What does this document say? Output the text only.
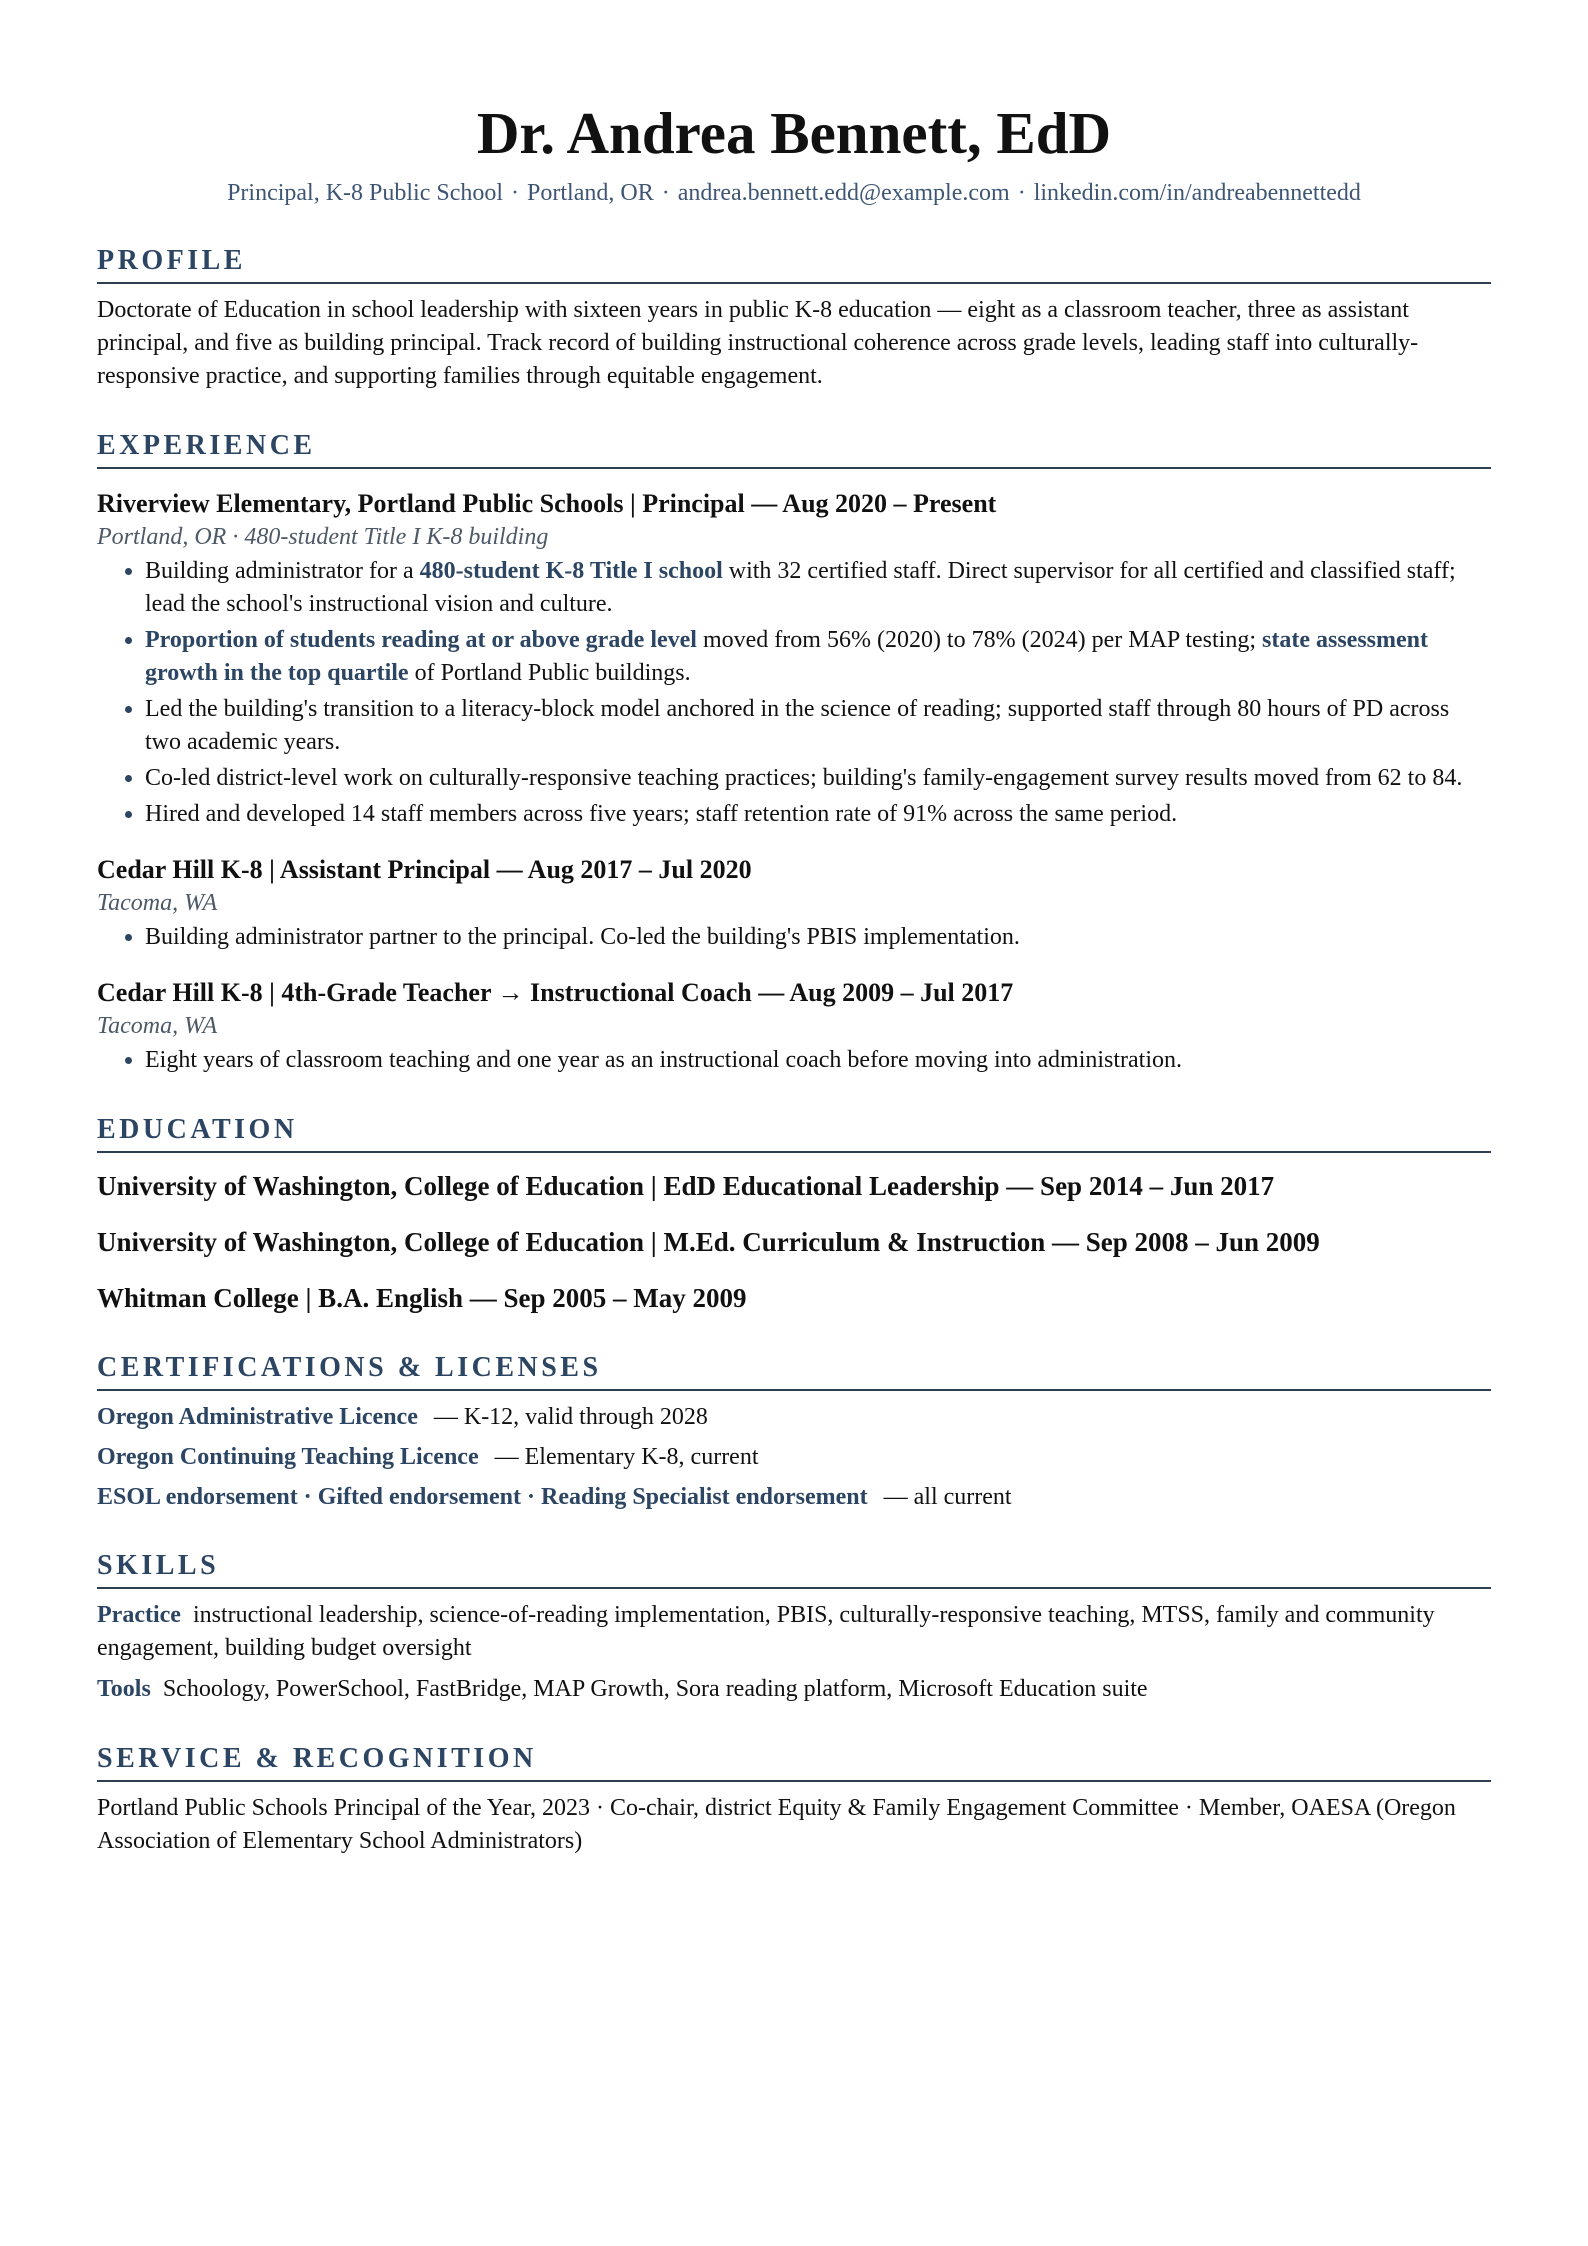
Dr. Andrea Bennett, EdD
Principal, K-8 Public School · Portland, OR · andrea.bennett.edd@example.com · linkedin.com/in/andreabennettedd
PROFILE

Doctorate of Education in school leadership with sixteen years in public K-8 education — eight as a classroom teacher, three as assistant principal, and five as building principal. Track record of building instructional coherence across grade levels, leading staff into culturally-responsive practice, and supporting families through equitable engagement.

EXPERIENCE
Riverview Elementary, Portland Public Schools | Principal — Aug 2020 – Present
Portland, OR · 480-student Title I K-8 building
• Building administrator for a 480-student K-8 Title I school with 32 certified staff. Direct supervisor for all certified and classified staff; lead the school's instructional vision and culture.
• Proportion of students reading at or above grade level moved from 56% (2020) to 78% (2024) per MAP testing; state assessment growth in the top quartile of Portland Public buildings.
• Led the building's transition to a literacy-block model anchored in the science of reading; supported staff through 80 hours of PD across two academic years.
• Co-led district-level work on culturally-responsive teaching practices; building's family-engagement survey results moved from 62 to 84.
• Hired and developed 14 staff members across five years; staff retention rate of 91% across the same period.
Cedar Hill K-8 | Assistant Principal — Aug 2017 – Jul 2020
Tacoma, WA
• Building administrator partner to the principal. Co-led the building's PBIS implementation.
Cedar Hill K-8 | 4th-Grade Teacher → Instructional Coach — Aug 2009 – Jul 2017
Tacoma, WA
• Eight years of classroom teaching and one year as an instructional coach before moving into administration.
EDUCATION
University of Washington, College of Education | EdD Educational Leadership — Sep 2014 – Jun 2017
University of Washington, College of Education | M.Ed. Curriculum & Instruction — Sep 2008 – Jun 2009
Whitman College | B.A. English — Sep 2005 – May 2009
CERTIFICATIONS & LICENSES
Oregon Administrative Licence — K-12, valid through 2028
Oregon Continuing Teaching Licence — Elementary K-8, current
ESOL endorsement · Gifted endorsement · Reading Specialist endorsement — all current
SKILLS
Practice instructional leadership, science-of-reading implementation, PBIS, culturally-responsive teaching, MTSS, family and community engagement, building budget oversight
Tools Schoology, PowerSchool, FastBridge, MAP Growth, Sora reading platform, Microsoft Education suite
SERVICE & RECOGNITION

Portland Public Schools Principal of the Year, 2023 · Co-chair, district Equity & Family Engagement Committee · Member, OAESA (Oregon Association of Elementary School Administrators)
